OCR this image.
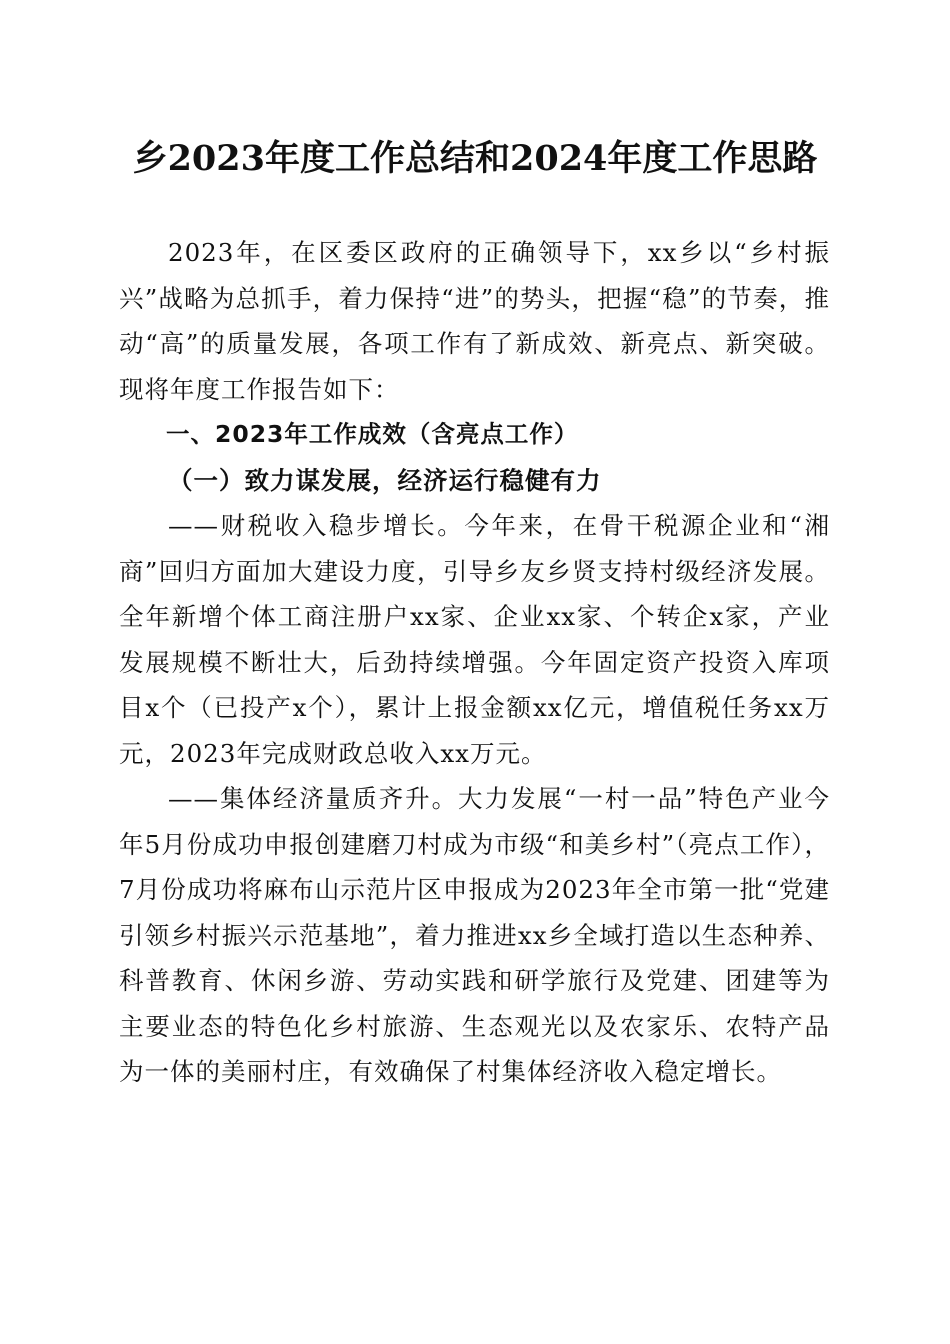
乡2023年度工作总结和2024年度工作思路

2023年，在区委区政府的正确领导下，xx乡以“乡村振兴”战略为总抓手，着力保持“进”的势头，把握“稳”的节奏，推动“高”的质量发展，各项工作有了新成效、新亮点、新突破。现将年度工作报告如下：

一、2023年工作成效（含亮点工作）

（一）致力谋发展，经济运行稳健有力

——财税收入稳步增长。今年来，在骨干税源企业和“湘商”回归方面加大建设力度，引导乡友乡贤支持村级经济发展。全年新增个体工商注册户xx家、企业xx家、个转企x家，产业发展规模不断壮大，后劲持续增强。今年固定资产投资入库项目x个（已投产x个），累计上报金额xx亿元，增值税任务xx万元，2023年完成财政总收入xx万元。

——集体经济量质齐升。大力发展“一村一品”特色产业今年5月份成功申报创建磨刀村成为市级“和美乡村”（亮点工作），7月份成功将麻布山示范片区申报成为2023年全市第一批“党建引领乡村振兴示范基地”，着力推进xx乡全域打造以生态种养、科普教育、休闲乡游、劳动实践和研学旅行及党建、团建等为主要业态的特色化乡村旅游、生态观光以及农家乐、农特产品为一体的美丽村庄，有效确保了村集体经济收入稳定增长。
